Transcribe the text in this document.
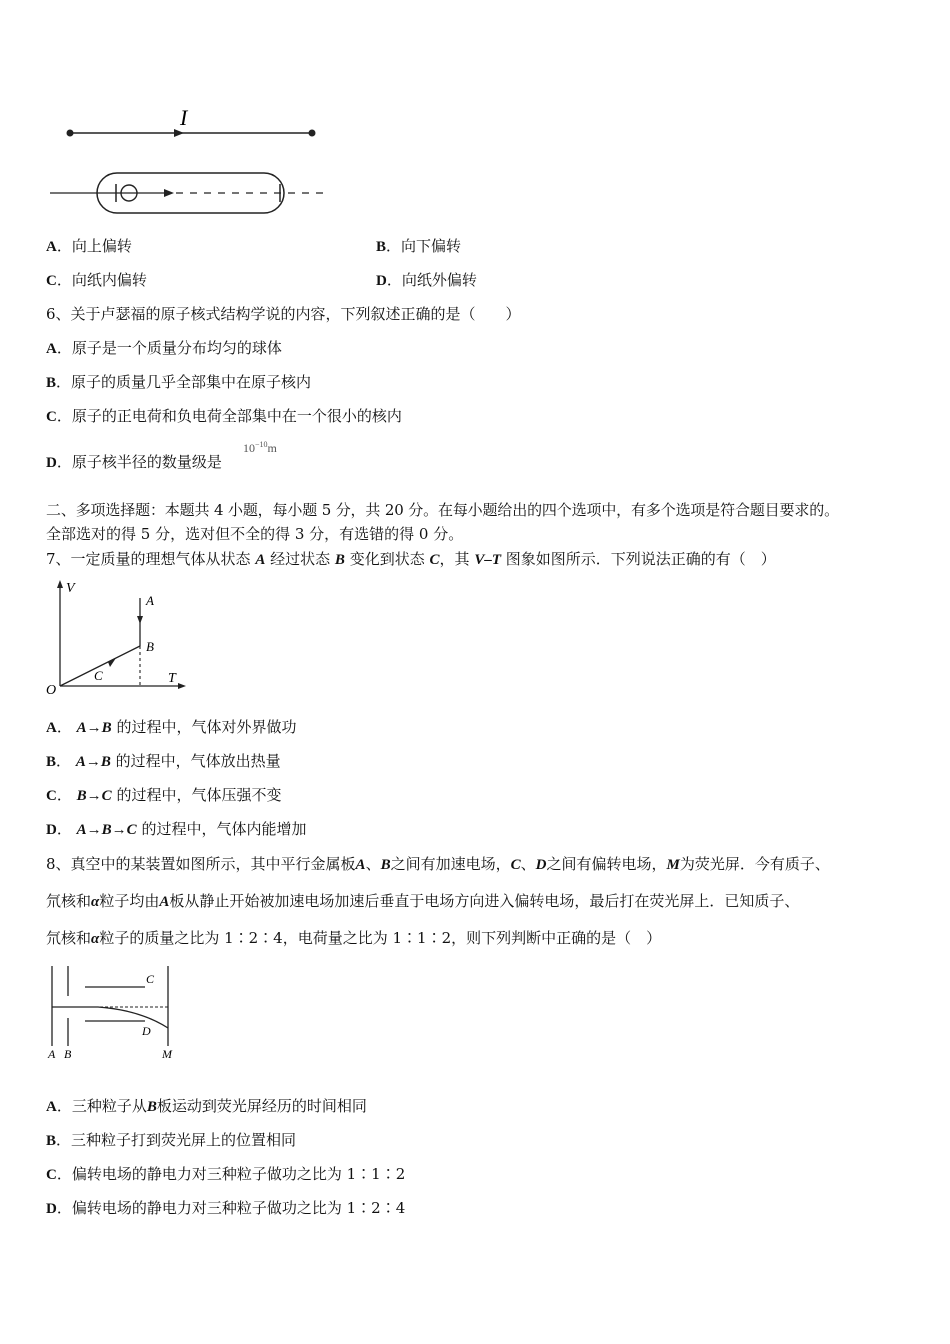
I
A．向上偏转	B．向下偏转
C．向纸内偏转	D．向纸外偏转
6、关于卢瑟福的原子核式结构学说的内容，下列叙述正确的是（　　）
A．原子是一个质量分布均匀的球体
B．原子的质量几乎全部集中在原子核内
C．原子的正电荷和负电荷全部集中在一个很小的核内
D．原子核半径的数量级是
$10^{-10}m$
二、多项选择题：本题共 4 小题，每小题 5 分，共 20 分。在每小题给出的四个选项中，有多个选项是符合题目要求的。
全部选对的得 5 分，选对但不全的得 3 分，有选错的得 0 分。
7、一定质量的理想气体从状态 A 经过状态 B 变化到状态 C，其 V–T 图象如图所示．下列说法正确的有（　）
V
T
O
A
B
C
A． A→B 的过程中，气体对外界做功
B． A→B 的过程中，气体放出热量
C． B→C 的过程中，气体压强不变
D． A→B→C 的过程中，气体内能增加
8、真空中的某装置如图所示，其中平行金属板A、B之间有加速电场，C、D之间有偏转电场，M为荧光屏．今有质子、
氘核和α粒子均由A板从静止开始被加速电场加速后垂直于电场方向进入偏转电场，最后打在荧光屏上．已知质子、
氘核和α粒子的质量之比为 1∶2∶4，电荷量之比为 1∶1∶2，则下列判断中正确的是（　）
C
D
A B	M
A．三种粒子从B板运动到荧光屏经历的时间相同
B．三种粒子打到荧光屏上的位置相同
C．偏转电场的静电力对三种粒子做功之比为 1∶1∶2
D．偏转电场的静电力对三种粒子做功之比为 1∶2∶4
